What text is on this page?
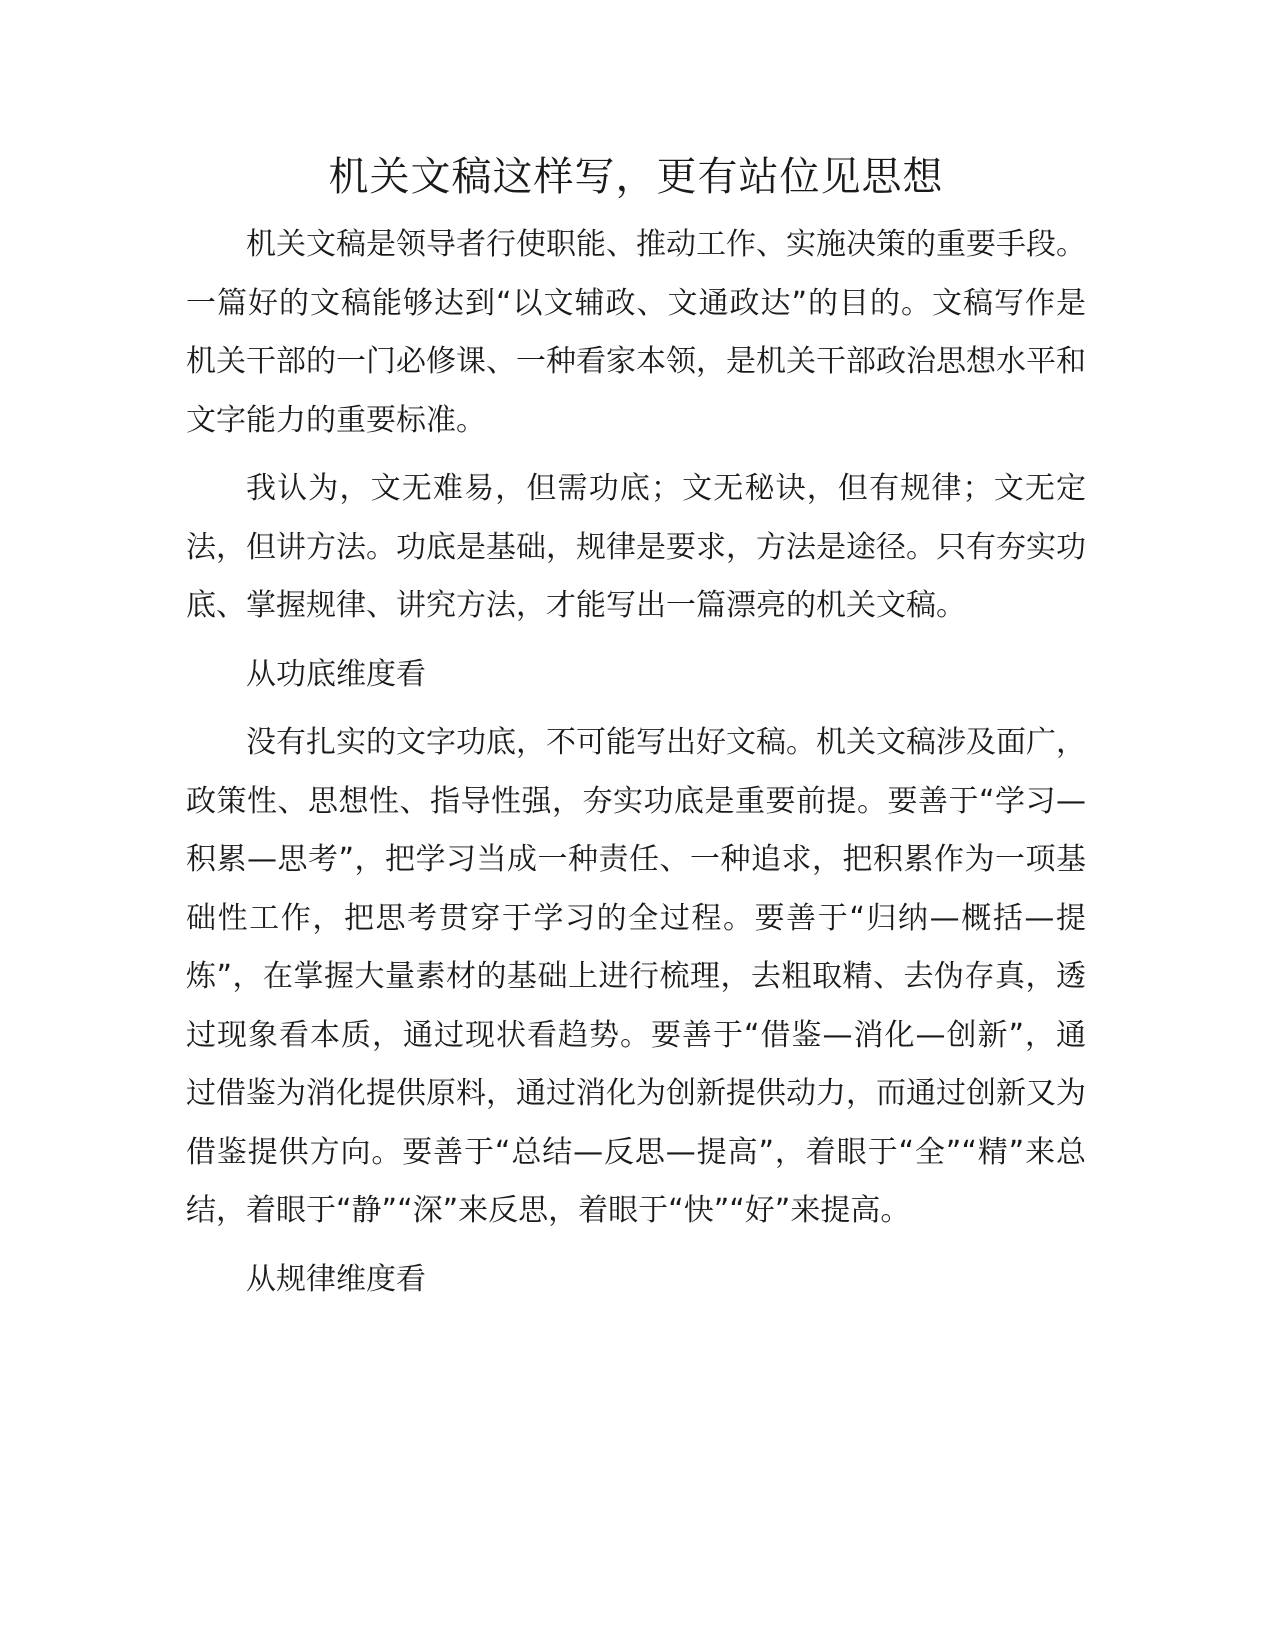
机关文稿这样写，更有站位见思想

机关文稿是领导者行使职能、推动工作、实施决策的重要手段。一篇好的文稿能够达到“以文辅政、文通政达”的目的。文稿写作是机关干部的一门必修课、一种看家本领，是机关干部政治思想水平和文字能力的重要标准。

我认为，文无难易，但需功底；文无秘诀，但有规律；文无定法，但讲方法。功底是基础，规律是要求，方法是途径。只有夯实功底、掌握规律、讲究方法，才能写出一篇漂亮的机关文稿。

从功底维度看

没有扎实的文字功底，不可能写出好文稿。机关文稿涉及面广，政策性、思想性、指导性强，夯实功底是重要前提。要善于“学习—积累—思考”，把学习当成一种责任、一种追求，把积累作为一项基础性工作，把思考贯穿于学习的全过程。要善于“归纳—概括—提炼”，在掌握大量素材的基础上进行梳理，去粗取精、去伪存真，透过现象看本质，通过现状看趋势。要善于“借鉴—消化—创新”，通过借鉴为消化提供原料，通过消化为创新提供动力，而通过创新又为借鉴提供方向。要善于“总结—反思—提高”，着眼于“全”“精”来总结，着眼于“静”“深”来反思，着眼于“快”“好”来提高。

从规律维度看
